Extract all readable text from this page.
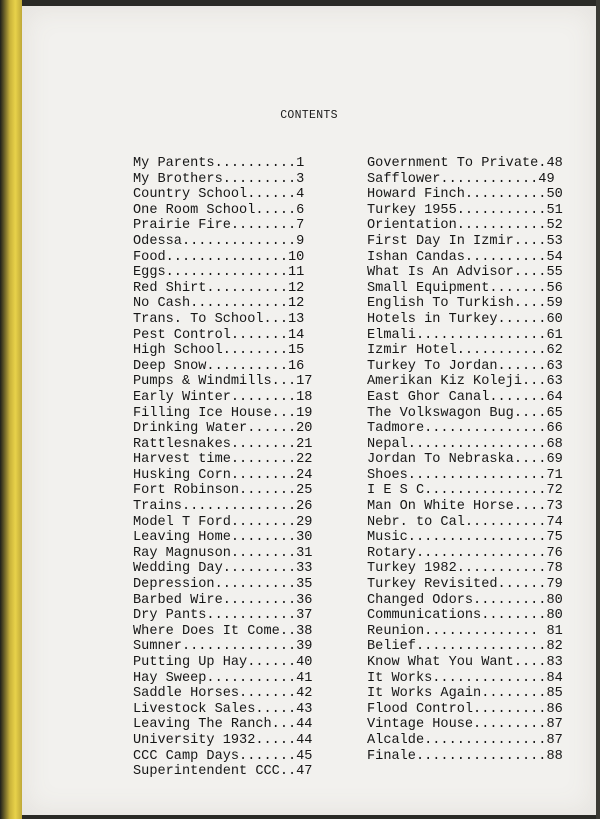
CONTENTS
My Parents..........1
My Brothers.........3
Country School......4
One Room School.....6
Prairie Fire........7
Odessa..............9
Food...............10
Eggs...............11
Red Shirt..........12
No Cash............12
Trans. To School...13
Pest Control.......14
High School........15
Deep Snow..........16
Pumps & Windmills...17
Early Winter........18
Filling Ice House...19
Drinking Water......20
Rattlesnakes........21
Harvest time........22
Husking Corn........24
Fort Robinson.......25
Trains..............26
Model T Ford........29
Leaving Home........30
Ray Magnuson........31
Wedding Day.........33
Depression..........35
Barbed Wire.........36
Dry Pants...........37
Where Does It Come..38
Sumner..............39
Putting Up Hay......40
Hay Sweep...........41
Saddle Horses.......42
Livestock Sales.....43
Leaving The Ranch...44
University 1932.....44
CCC Camp Days.......45
Superintendent CCC..47
Government To Private.48
Safflower............49
Howard Finch..........50
Turkey 1955...........51
Orientation...........52
First Day In Izmir....53
Ishan Candas..........54
What Is An Advisor....55
Small Equipment.......56
English To Turkish....59
Hotels in Turkey......60
Elmali................61
Izmir Hotel...........62
Turkey To Jordan......63
Amerikan Kiz Koleji...63
East Ghor Canal.......64
The Volkswagon Bug....65
Tadmore...............66
Nepal.................68
Jordan To Nebraska....69
Shoes.................71
I E S C...............72
Man On White Horse....73
Nebr. to Cal..........74
Music.................75
Rotary................76
Turkey 1982...........78
Turkey Revisited......79
Changed Odors.........80
Communications........80
Reunion.............. 81
Belief................82
Know What You Want....83
It Works..............84
It Works Again........85
Flood Control.........86
Vintage House.........87
Alcalde...............87
Finale................88
